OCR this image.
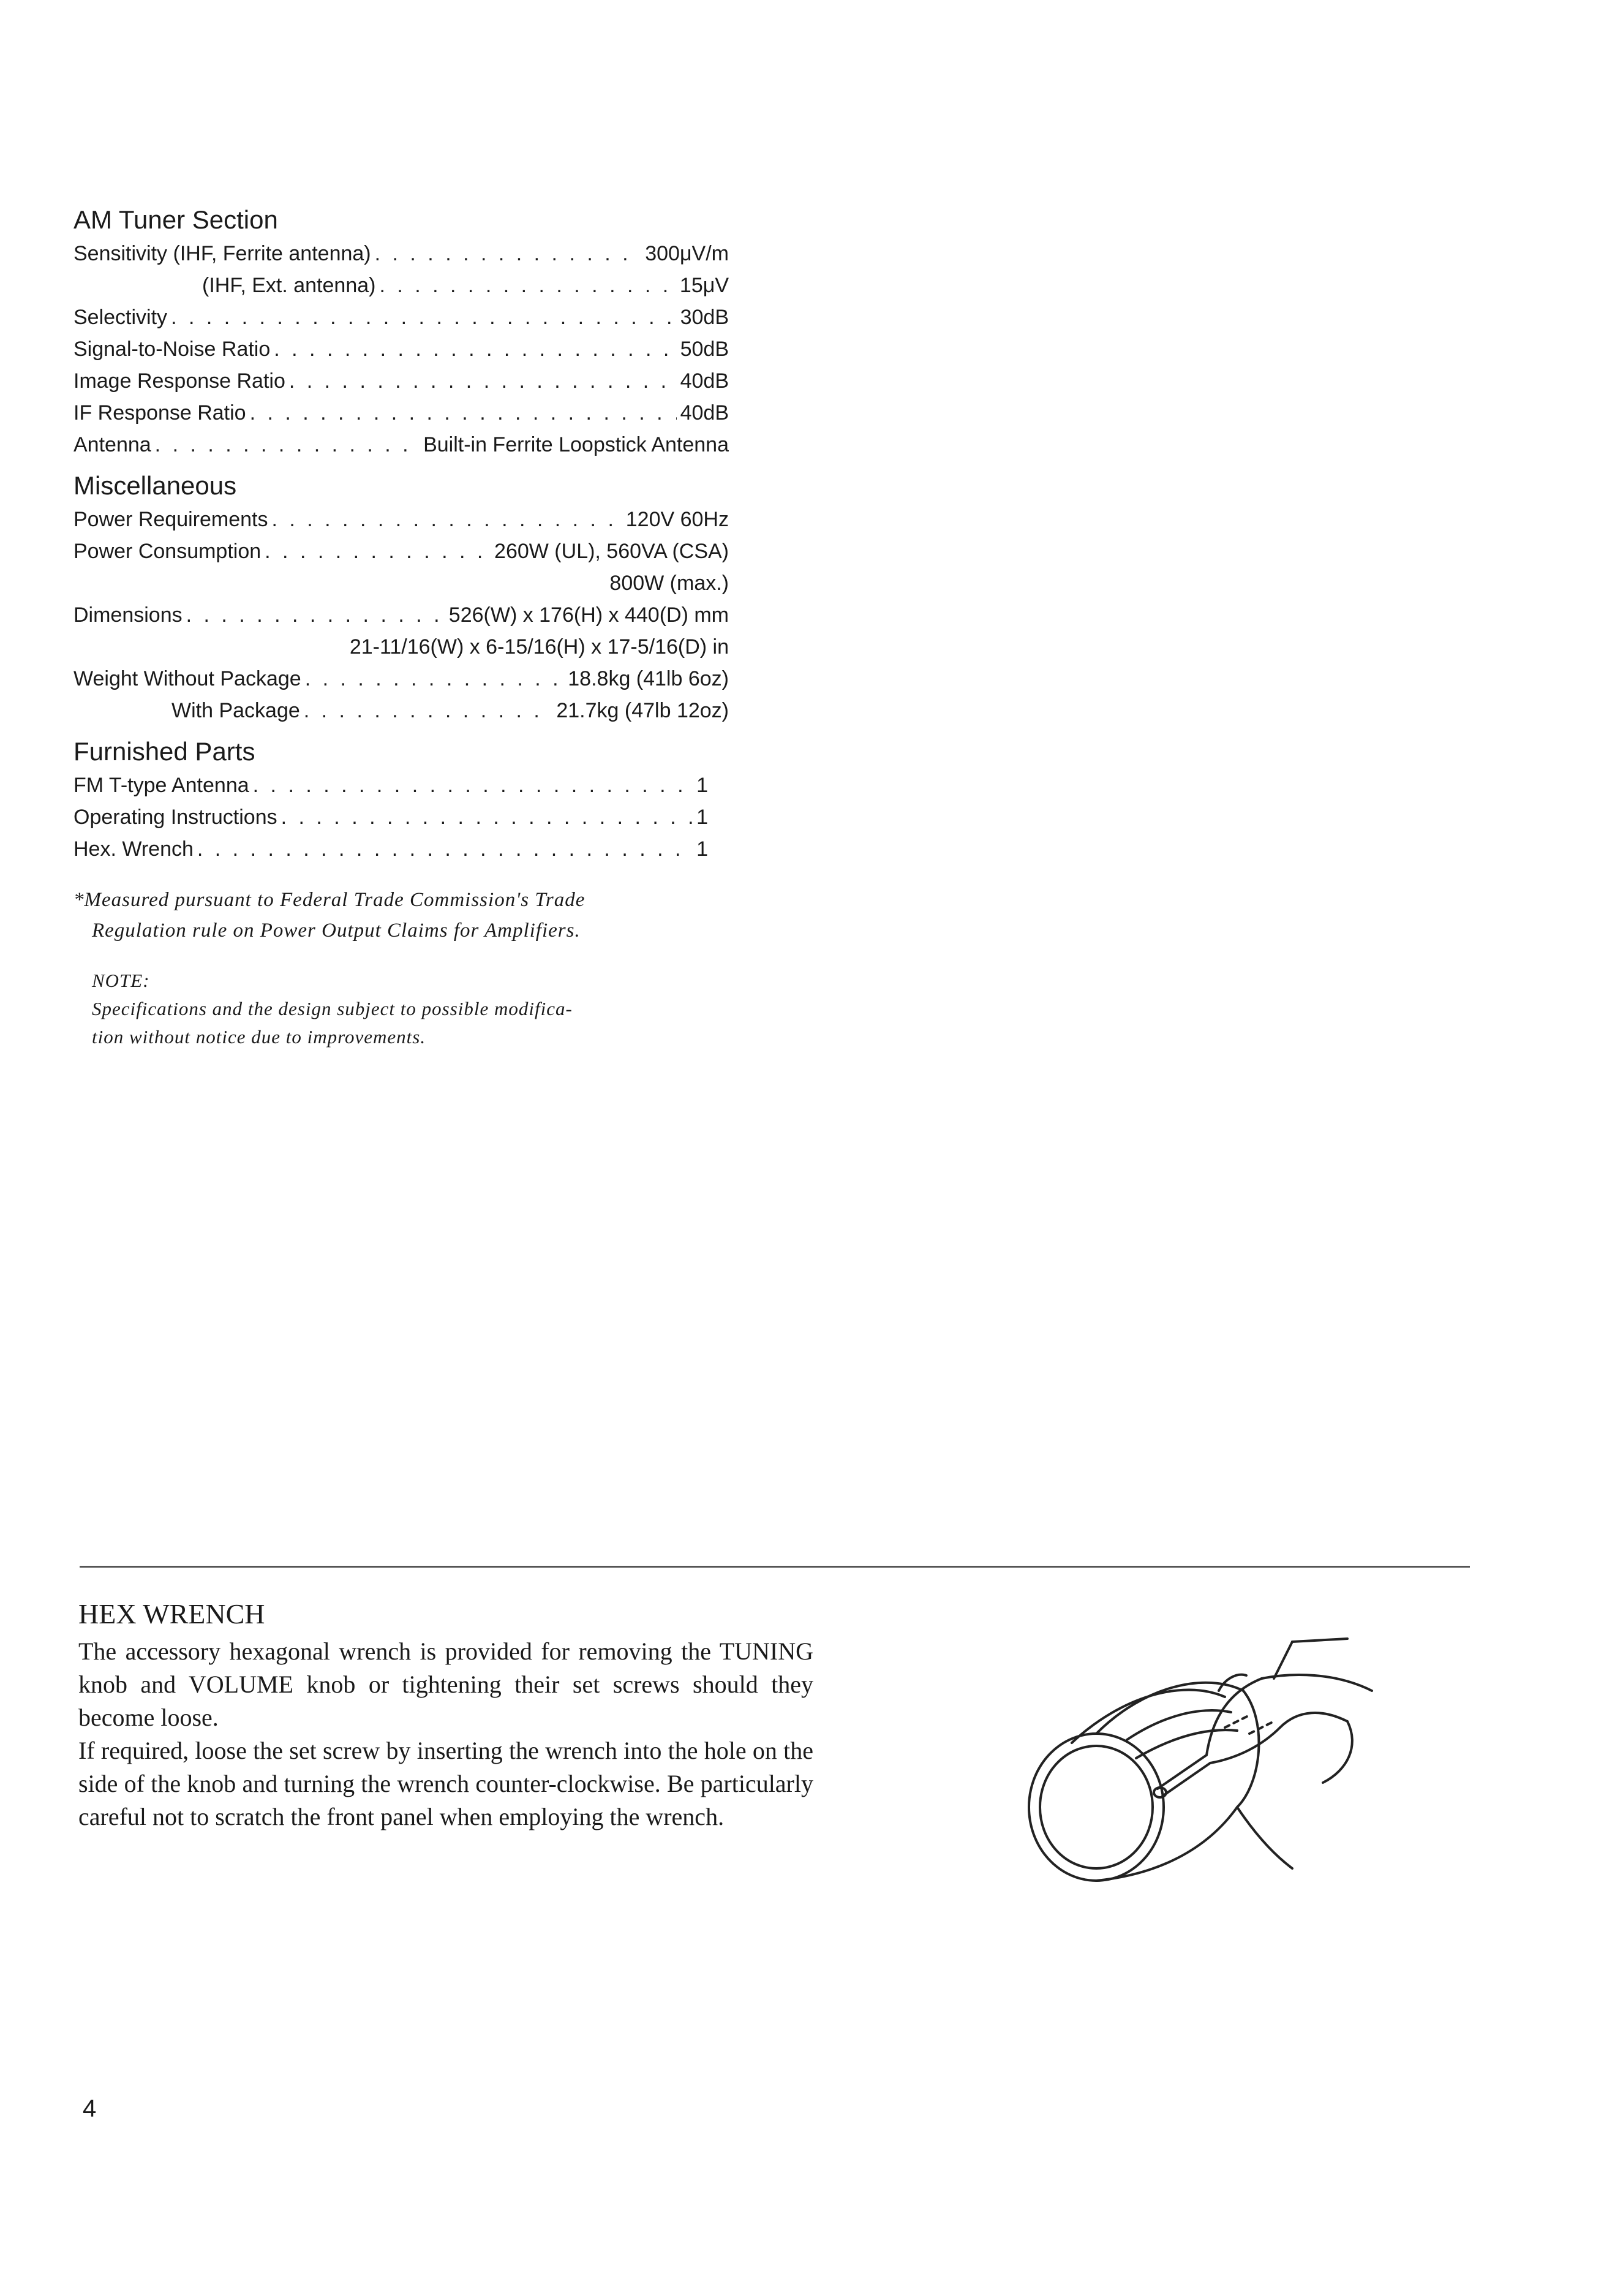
AM Tuner Section
Sensitivity (IHF, Ferrite antenna) . . .	300μV/m
(IHF, Ext. antenna) . . .	15μV
Selectivity . . .	30dB
Signal-to-Noise Ratio . . .	50dB
Image Response Ratio . . .	40dB
IF Response Ratio . . .	40dB
Antenna . . .	Built-in Ferrite Loopstick Antenna
Miscellaneous
Power Requirements . . .	120V 60Hz
Power Consumption . . .	260W (UL), 560VA (CSA)
800W (max.)
Dimensions . . .	526(W) x 176(H) x 440(D) mm
21-11/16(W) x 6-15/16(H) x 17-5/16(D) in
Weight Without Package . . .	18.8kg (41lb 6oz)
With Package . . .	21.7kg (47lb 12oz)
Furnished Parts
FM T-type Antenna . . .	1
Operating Instructions . . .	1
Hex. Wrench . . .	1
*Measured pursuant to Federal Trade Commission's Trade
Regulation rule on Power Output Claims for Amplifiers.
NOTE:
Specifications and the design subject to possible modifica-
tion without notice due to improvements.
HEX WRENCH

The accessory hexagonal wrench is provided for removing the TUNING knob and VOLUME knob or tightening their set screws should they become loose.

If required, loose the set screw by inserting the wrench into the hole on the side of the knob and turning the wrench counter-clockwise. Be particularly careful not to scratch the front panel when employing the wrench.

4
